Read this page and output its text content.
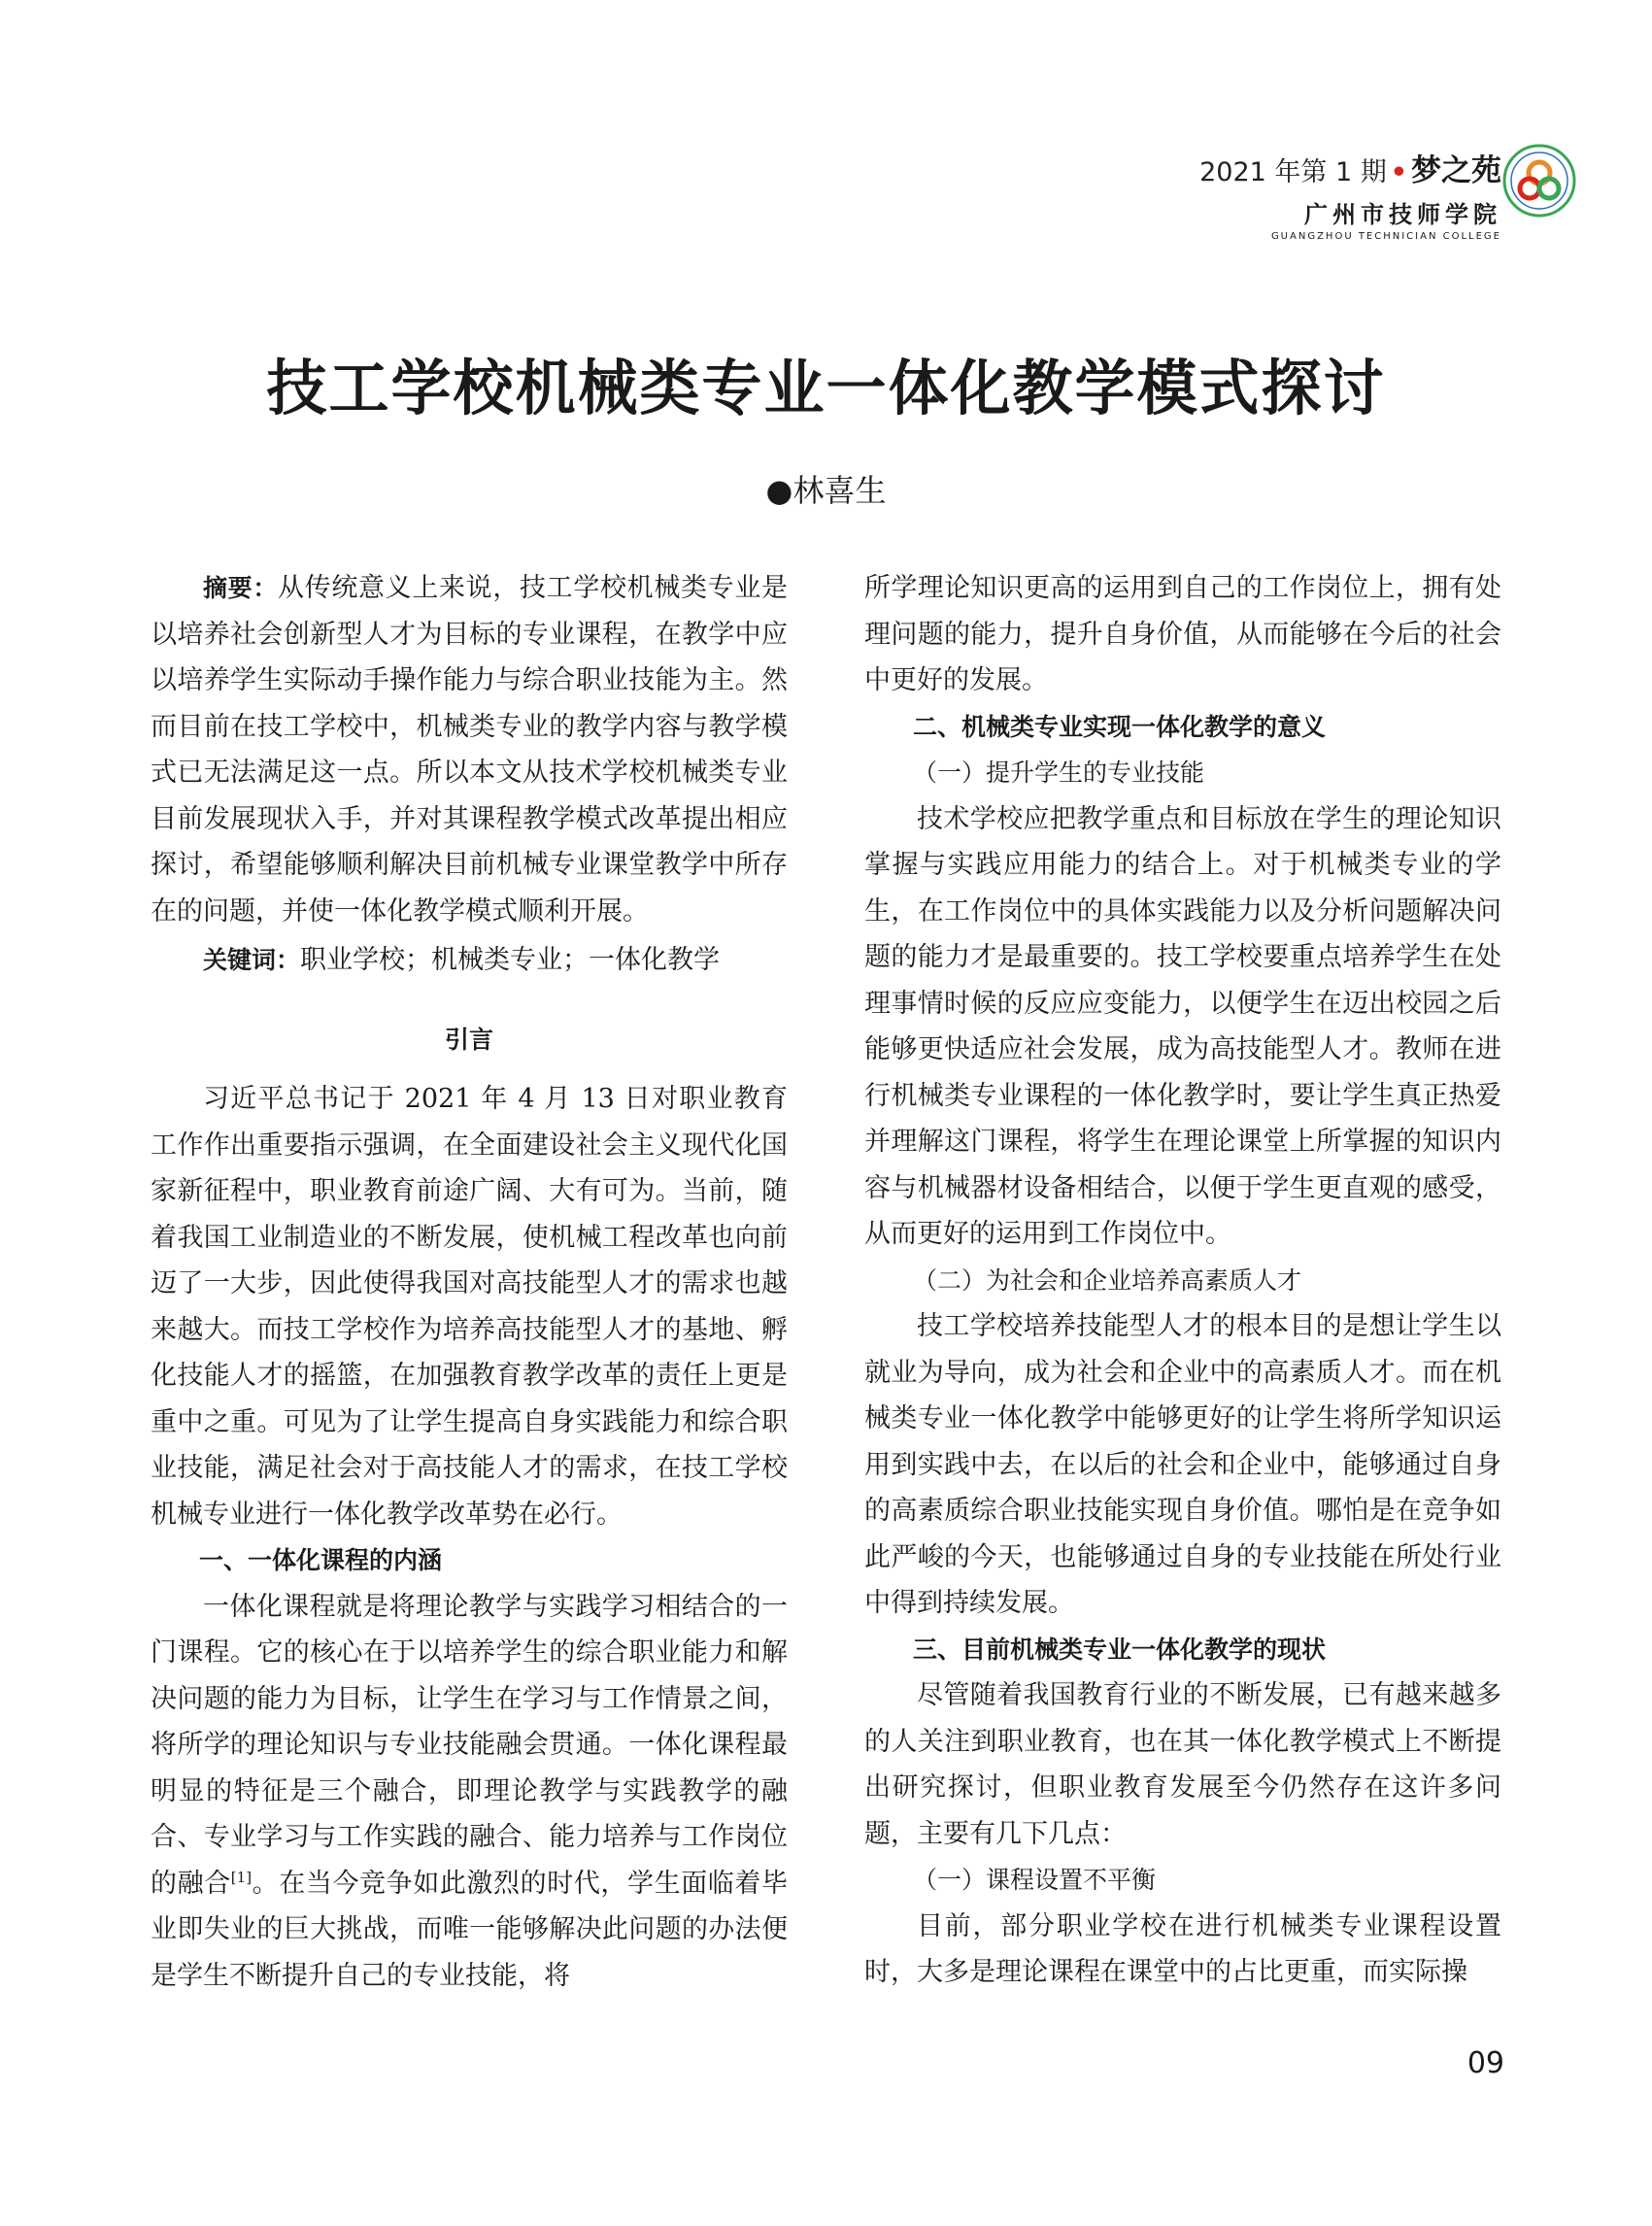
2021 年第 1 期 • 梦之苑
广州市技师学院
GUANGZHOU TECHNICIAN COLLEGE
技工学校机械类专业一体化教学模式探讨
●林喜生

摘要：从传统意义上来说，技工学校机械类专业是以培养社会创新型人才为目标的专业课程，在教学中应以培养学生实际动手操作能力与综合职业技能为主。然而目前在技工学校中，机械类专业的教学内容与教学模式已无法满足这一点。所以本文从技术学校机械类专业目前发展现状入手，并对其课程教学模式改革提出相应探讨，希望能够顺利解决目前机械专业课堂教学中所存在的问题，并使一体化教学模式顺利开展。

关键词：职业学校；机械类专业；一体化教学

引言

习近平总书记于 2021 年 4 月 13 日对职业教育工作作出重要指示强调，在全面建设社会主义现代化国家新征程中，职业教育前途广阔、大有可为。当前，随着我国工业制造业的不断发展，使机械工程改革也向前迈了一大步，因此使得我国对高技能型人才的需求也越来越大。而技工学校作为培养高技能型人才的基地、孵化技能人才的摇篮，在加强教育教学改革的责任上更是重中之重。可见为了让学生提高自身实践能力和综合职业技能，满足社会对于高技能人才的需求，在技工学校机械专业进行一体化教学改革势在必行。

一、一体化课程的内涵

一体化课程就是将理论教学与实践学习相结合的一门课程。它的核心在于以培养学生的综合职业能力和解决问题的能力为目标，让学生在学习与工作情景之间，将所学的理论知识与专业技能融会贯通。一体化课程最明显的特征是三个融合，即理论教学与实践教学的融合、专业学习与工作实践的融合、能力培养与工作岗位的融合[1]。在当今竞争如此激烈的时代，学生面临着毕业即失业的巨大挑战，而唯一能够解决此问题的办法便是学生不断提升自己的专业技能，将

所学理论知识更高的运用到自己的工作岗位上，拥有处理问题的能力，提升自身价值，从而能够在今后的社会中更好的发展。

二、机械类专业实现一体化教学的意义

（一）提升学生的专业技能

技术学校应把教学重点和目标放在学生的理论知识掌握与实践应用能力的结合上。对于机械类专业的学生，在工作岗位中的具体实践能力以及分析问题解决问题的能力才是最重要的。技工学校要重点培养学生在处理事情时候的反应应变能力，以便学生在迈出校园之后能够更快适应社会发展，成为高技能型人才。教师在进行机械类专业课程的一体化教学时，要让学生真正热爱并理解这门课程，将学生在理论课堂上所掌握的知识内容与机械器材设备相结合，以便于学生更直观的感受，从而更好的运用到工作岗位中。

（二）为社会和企业培养高素质人才

技工学校培养技能型人才的根本目的是想让学生以就业为导向，成为社会和企业中的高素质人才。而在机械类专业一体化教学中能够更好的让学生将所学知识运用到实践中去，在以后的社会和企业中，能够通过自身的高素质综合职业技能实现自身价值。哪怕是在竞争如此严峻的今天，也能够通过自身的专业技能在所处行业中得到持续发展。

三、目前机械类专业一体化教学的现状

尽管随着我国教育行业的不断发展，已有越来越多的人关注到职业教育，也在其一体化教学模式上不断提出研究探讨，但职业教育发展至今仍然存在这许多问题，主要有几下几点：

（一）课程设置不平衡

目前，部分职业学校在进行机械类专业课程设置时，大多是理论课程在课堂中的占比更重，而实际操

09
